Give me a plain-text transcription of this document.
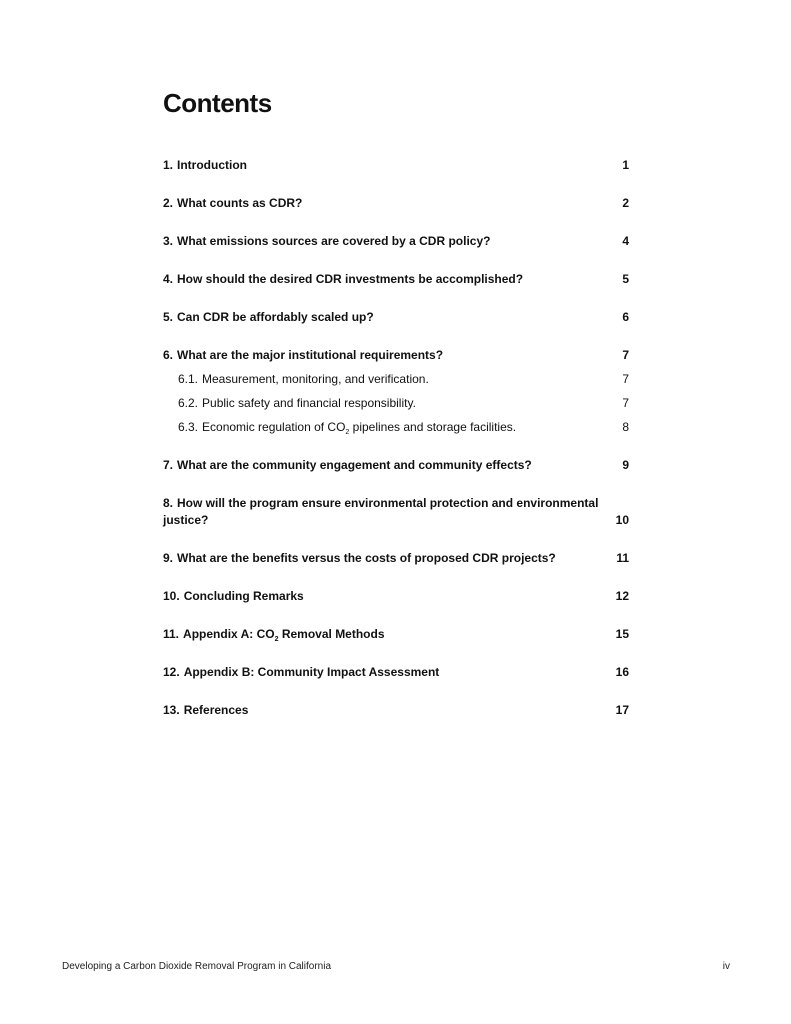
Contents
1. Introduction	1
2. What counts as CDR?	2
3. What emissions sources are covered by a CDR policy?	4
4. How should the desired CDR investments be accomplished?	5
5. Can CDR be affordably scaled up?	6
6. What are the major institutional requirements?	7
6.1. Measurement, monitoring, and verification.	7
6.2. Public safety and financial responsibility.	7
6.3. Economic regulation of $CO_2$ pipelines and storage facilities.	8
7. What are the community engagement and community effects?	9
8. How will the program ensure environmental protection and environmental justice?	10
9. What are the benefits versus the costs of proposed CDR projects?	11
10. Concluding Remarks	12
11. Appendix A: $CO_2$ Removal Methods	15
12. Appendix B: Community Impact Assessment	16
13. References	17
Developing a Carbon Dioxide Removal Program in California	iv
